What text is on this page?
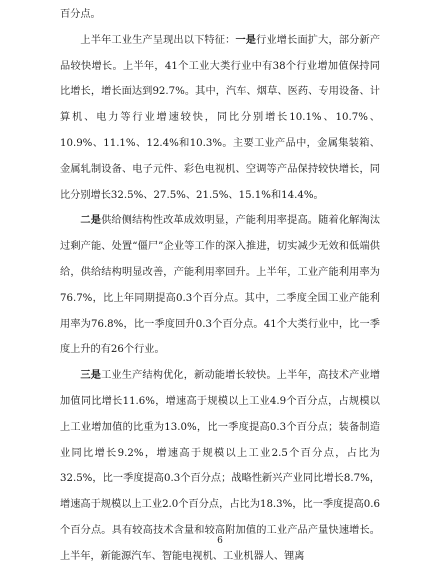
百分点。

上半年工业生产呈现出以下特征：一是行业增长面扩大，部分新产品较快增长。上半年，41个工业大类行业中有38个行业增加值保持同比增长，增长面达到92.7%。其中，汽车、烟草、医药、专用设备、计算机、电力等行业增速较快，同比分别增长10.1%、10.7%、10.9%、11.1%、12.4%和10.3%。主要工业产品中，金属集装箱、金属轧制设备、电子元件、彩色电视机、空调等产品保持较快增长，同比分别增长32.5%、27.5%、21.5%、15.1%和14.4%。

二是供给侧结构性改革成效明显，产能利用率提高。随着化解淘汰过剩产能、处置“僵尸”企业等工作的深入推进，切实减少无效和低端供给，供给结构明显改善，产能利用率回升。上半年，工业产能利用率为76.7%，比上年同期提高0.3个百分点。其中，二季度全国工业产能利用率为76.8%，比一季度回升0.3个百分点。41个大类行业中，比一季度上升的有26个行业。

三是工业生产结构优化，新动能增长较快。上半年，高技术产业增加值同比增长11.6%，增速高于规模以上工业4.9个百分点，占规模以上工业增加值的比重为13.0%，比一季度提高0.3个百分点；装备制造业同比增长9.2%，增速高于规模以上工业2.5个百分点，占比为32.5%，比一季度提高0.3个百分点；战略性新兴产业同比增长8.7%，增速高于规模以上工业2.0个百分点，占比为18.3%，比一季度提高0.6个百分点。具有较高技术含量和较高附加值的工业产品产量快速增长。上半年，新能源汽车、智能电视机、工业机器人、锂离

6
